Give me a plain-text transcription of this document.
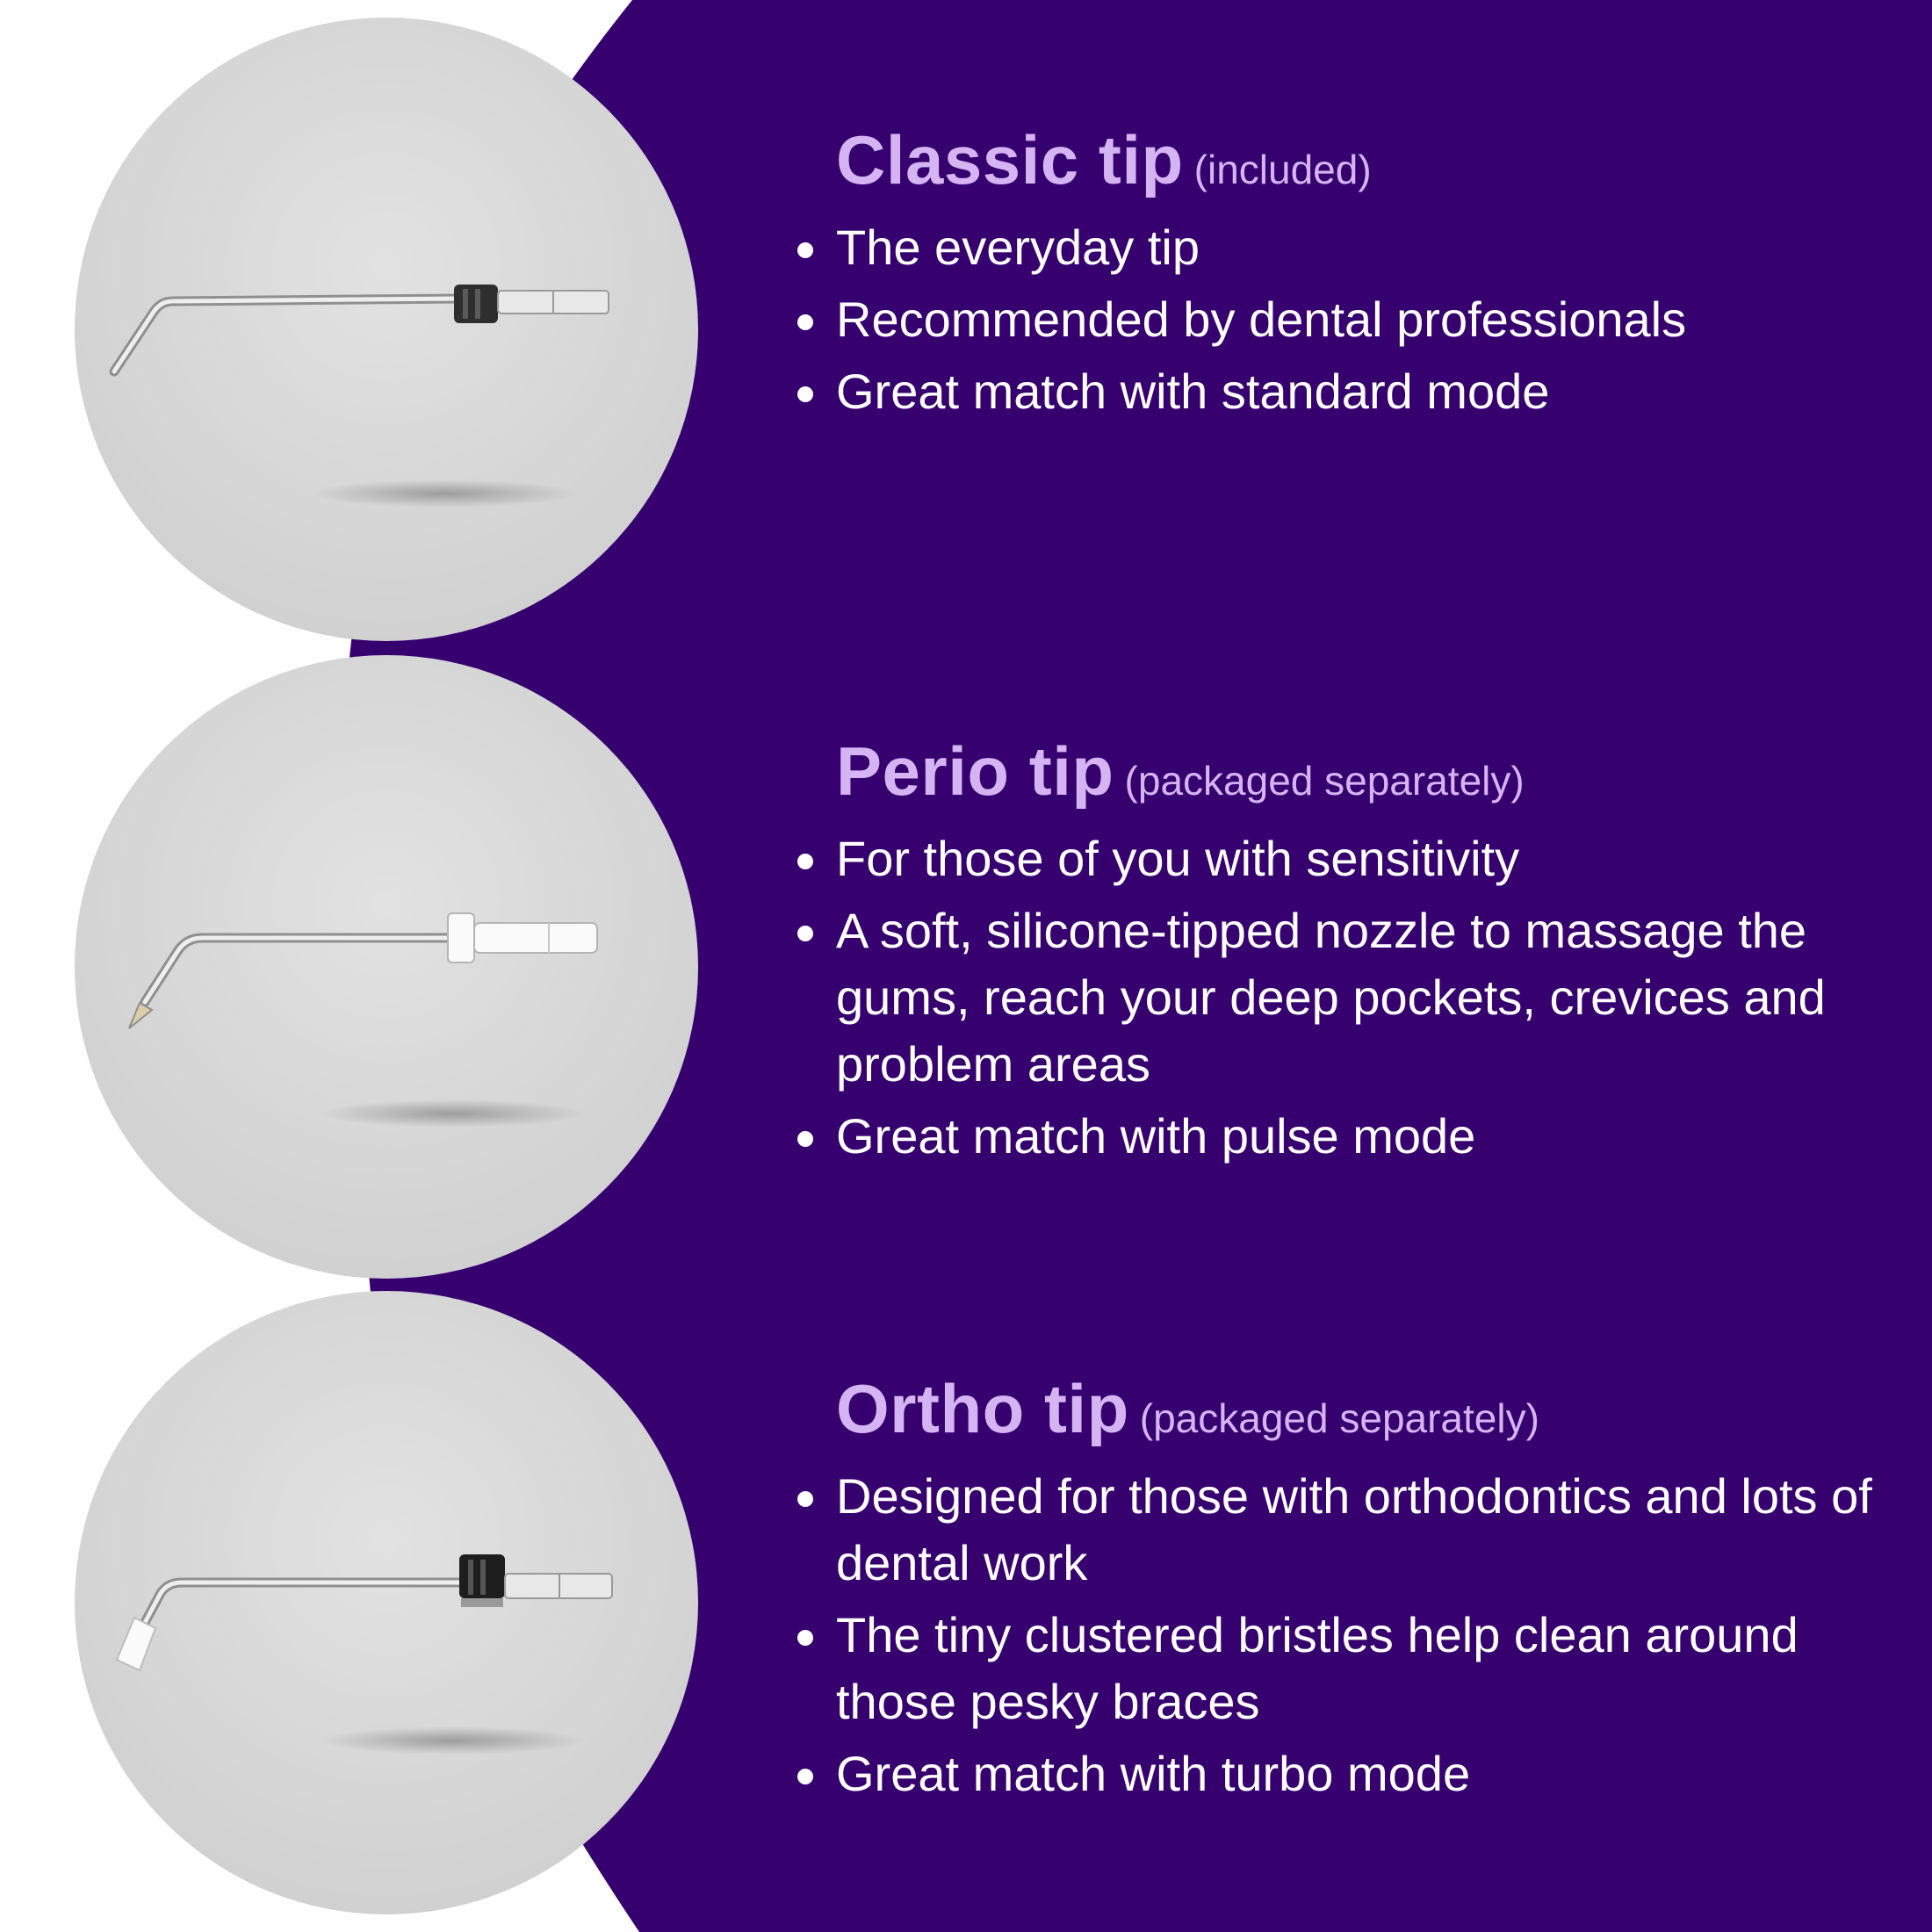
Classic tip (included)
The everyday tip
Recommended by dental professionals
Great match with standard mode
Perio tip (packaged separately)
For those of you with sensitivity
A soft, silicone-tipped nozzle to massage the gums, reach your deep pockets, crevices and problem areas
Great match with pulse mode
Ortho tip (packaged separately)
Designed for those with orthodontics and lots of dental work
The tiny clustered bristles help clean around those pesky braces
Great match with turbo mode
